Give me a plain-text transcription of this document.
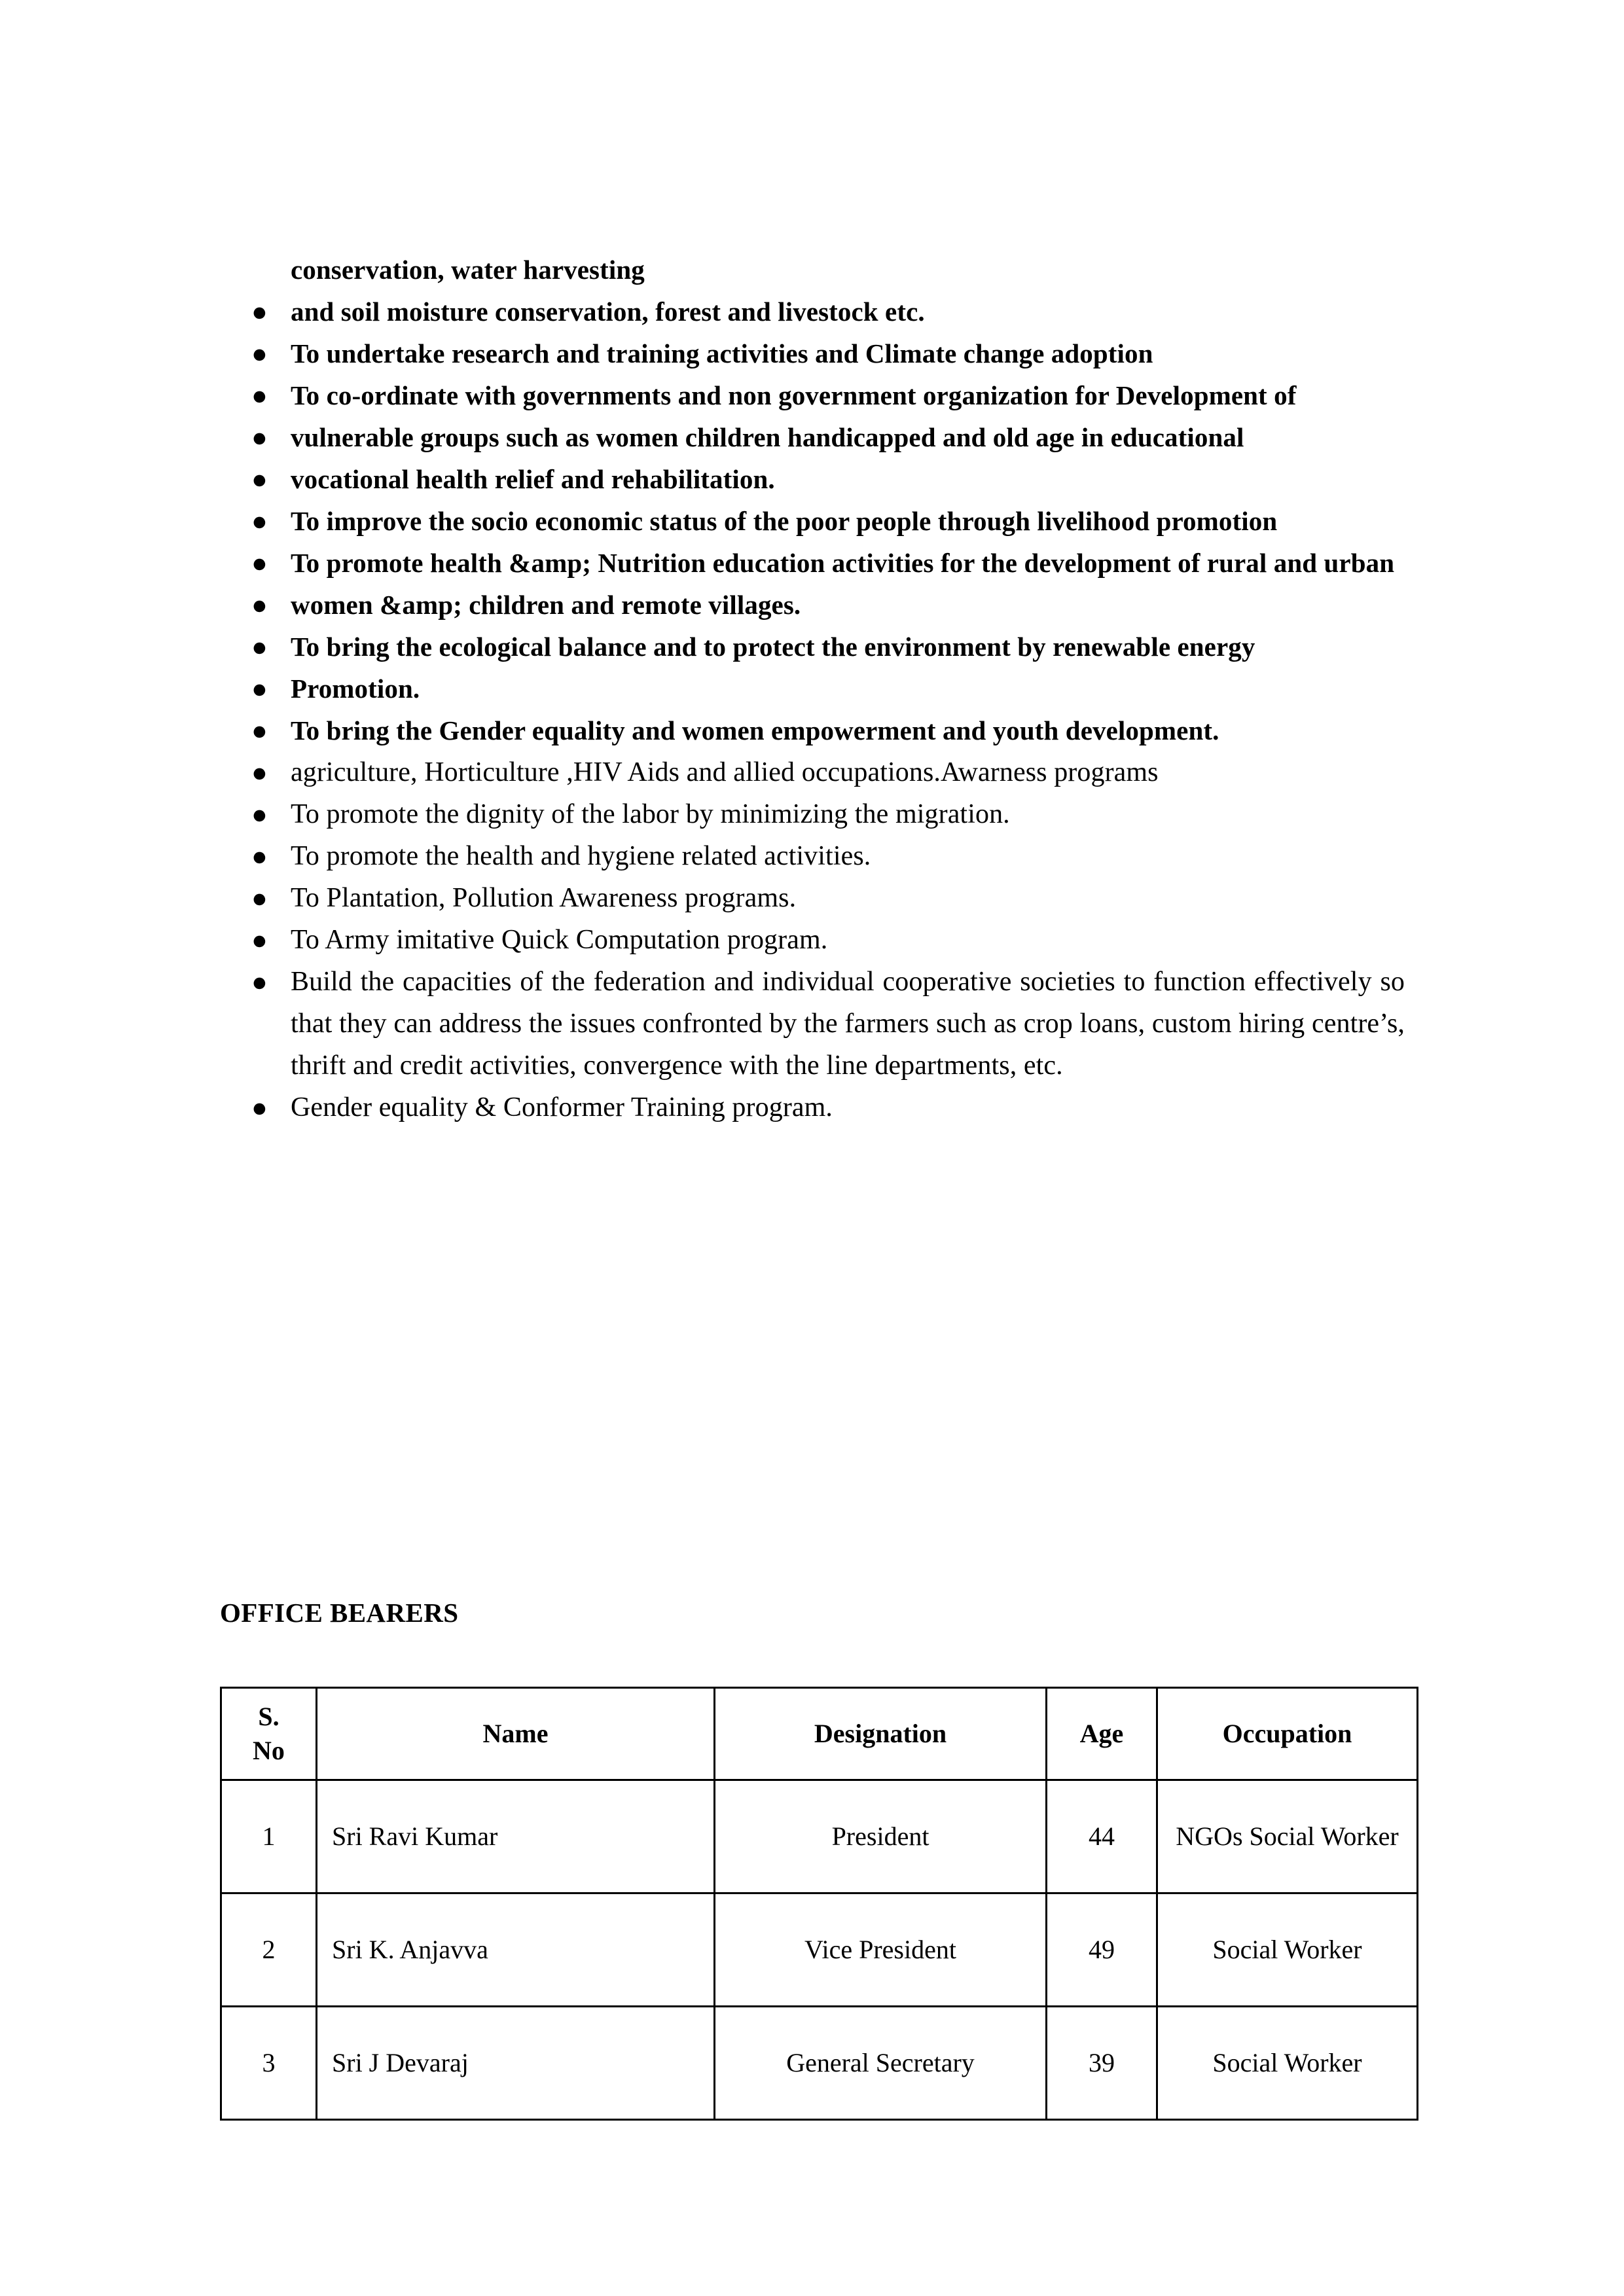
conservation, water harvesting
● and soil moisture conservation, forest and livestock etc.
● To undertake research and training activities and Climate change adoption
● To co-ordinate with governments and non government organization for Development of
● vulnerable groups such as women children handicapped and old age in educational
● vocational health relief and rehabilitation.
● To improve the socio economic status of the poor people through livelihood promotion
● To promote health &amp; Nutrition education activities for the development of rural and urban
● women &amp; children and remote villages.
● To bring the ecological balance and to protect the environment by renewable energy
● Promotion.
● To bring the Gender equality and women empowerment and youth development.
● agriculture, Horticulture ,HIV Aids and allied occupations.Awarness programs
● To promote the dignity of the labor by minimizing the migration.
● To promote the health and hygiene related activities.
● To Plantation, Pollution Awareness programs.
● To Army imitative Quick Computation program.
● Build the capacities of the federation and individual cooperative societies to function effectively so that they can address the issues confronted by the farmers such as crop loans, custom hiring centre’s, thrift and credit activities, convergence with the line departments, etc.
● Gender equality & Conformer Training program.
OFFICE BEARERS
S.
No	Name	Designation	Age	Occupation
1	Sri Ravi Kumar	President	44	NGOs Social Worker
2	Sri K. Anjavva	Vice President	49	Social Worker
3	Sri J Devaraj	General Secretary	39	Social Worker
